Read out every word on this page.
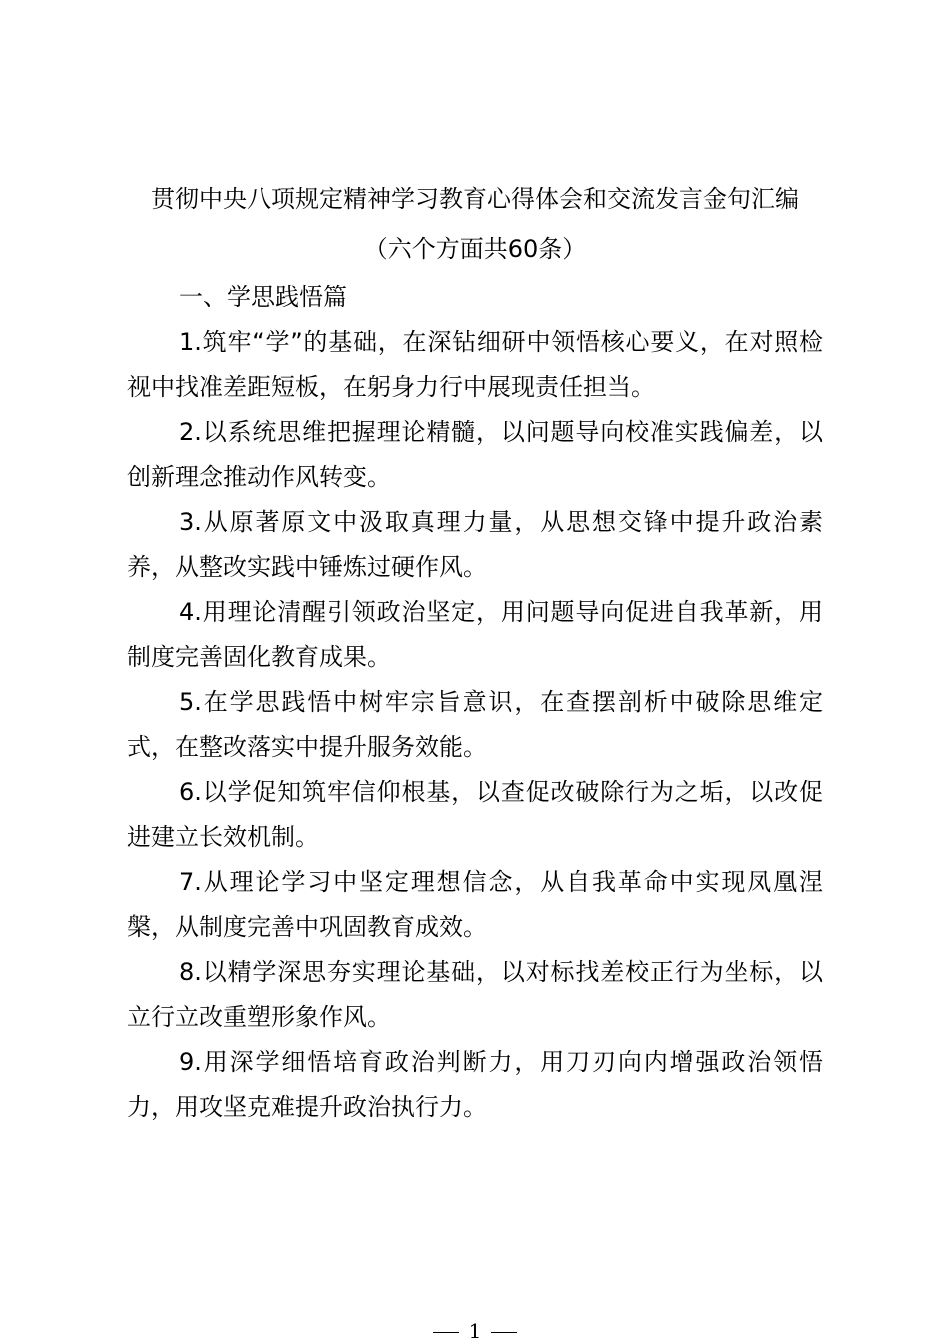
贯彻中央八项规定精神学习教育心得体会和交流发言金句汇编
（六个方面共60条）
一、学思践悟篇

1.筑牢“学”的基础，在深钻细研中领悟核心要义，在对照检视中找准差距短板，在躬身力行中展现责任担当。

2.以系统思维把握理论精髓，以问题导向校准实践偏差，以创新理念推动作风转变。

3.从原著原文中汲取真理力量，从思想交锋中提升政治素养，从整改实践中锤炼过硬作风。

4.用理论清醒引领政治坚定，用问题导向促进自我革新，用制度完善固化教育成果。

5.在学思践悟中树牢宗旨意识，在查摆剖析中破除思维定式，在整改落实中提升服务效能。

6.以学促知筑牢信仰根基，以查促改破除行为之垢，以改促进建立长效机制。

7.从理论学习中坚定理想信念，从自我革命中实现凤凰涅槃，从制度完善中巩固教育成效。

8.以精学深思夯实理论基础，以对标找差校正行为坐标，以立行立改重塑形象作风。

9.用深学细悟培育政治判断力，用刀刃向内增强政治领悟力，用攻坚克难提升政治执行力。

1
